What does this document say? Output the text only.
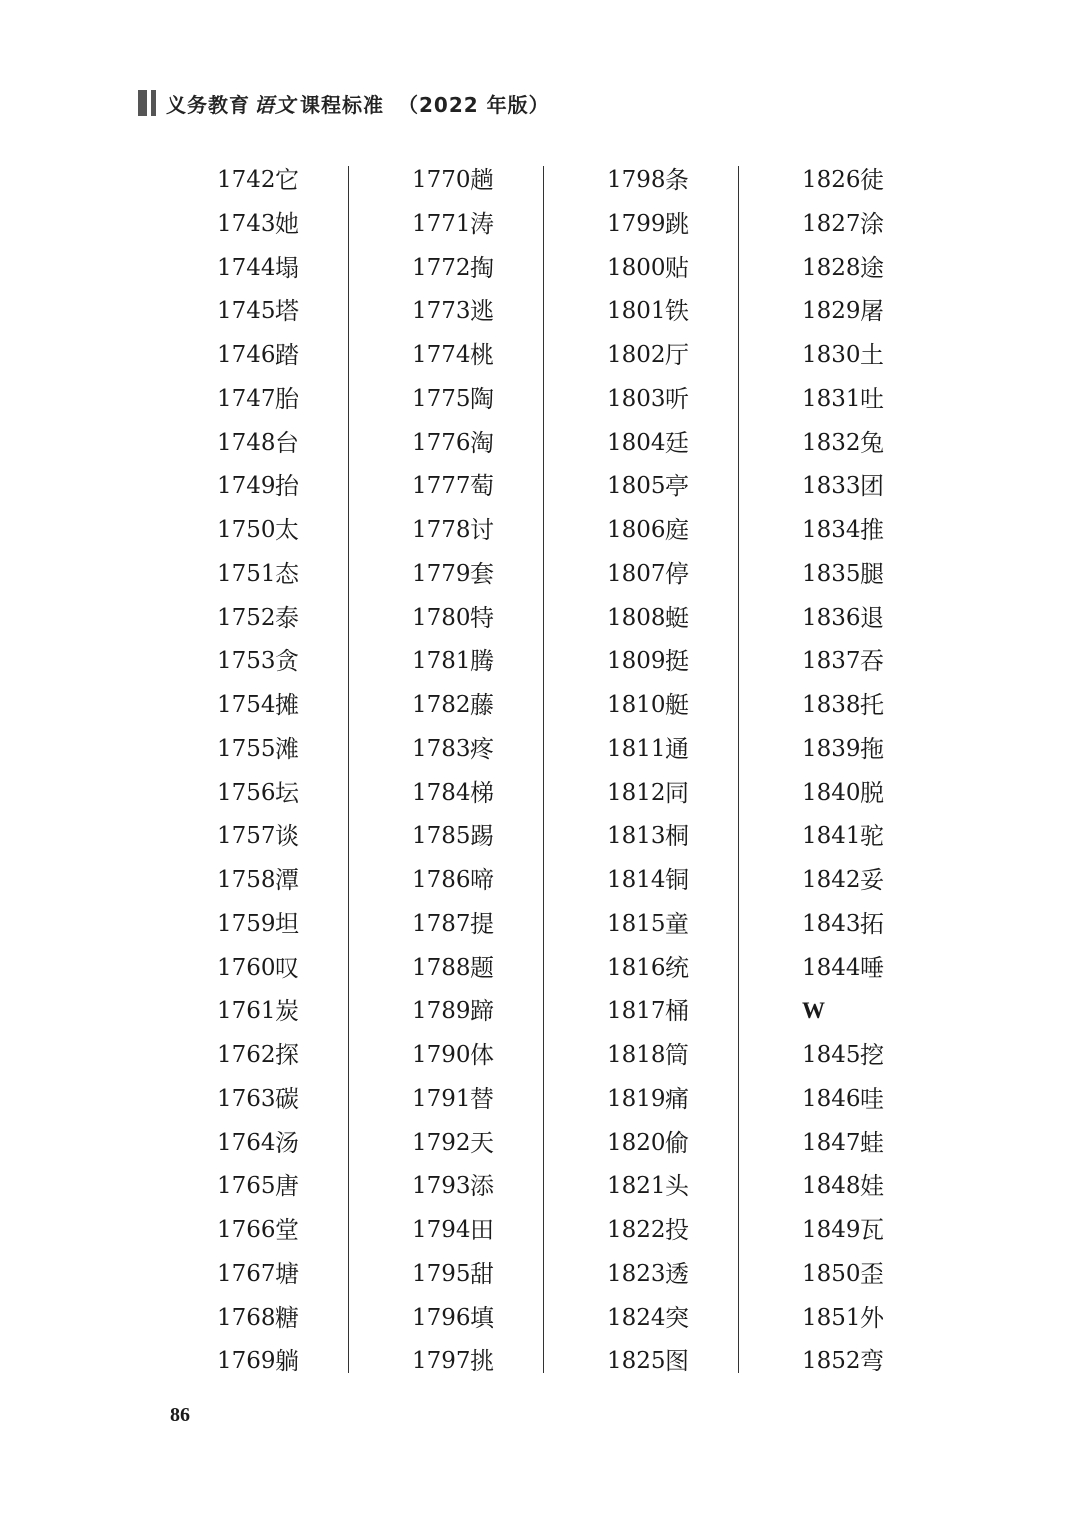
义务教育 语文 课程标准 （2022 年版）
1742 它
1743 她
1744 塌
1745 塔
1746 踏
1747 胎
1748 台
1749 抬
1750 太
1751 态
1752 泰
1753 贪
1754 摊
1755 滩
1756 坛
1757 谈
1758 潭
1759 坦
1760 叹
1761 炭
1762 探
1763 碳
1764 汤
1765 唐
1766 堂
1767 塘
1768 糖
1769 躺
1770 趟
1771 涛
1772 掏
1773 逃
1774 桃
1775 陶
1776 淘
1777 萄
1778 讨
1779 套
1780 特
1781 腾
1782 藤
1783 疼
1784 梯
1785 踢
1786 啼
1787 提
1788 题
1789 蹄
1790 体
1791 替
1792 天
1793 添
1794 田
1795 甜
1796 填
1797 挑
1798 条
1799 跳
1800 贴
1801 铁
1802 厅
1803 听
1804 廷
1805 亭
1806 庭
1807 停
1808 蜓
1809 挺
1810 艇
1811 通
1812 同
1813 桐
1814 铜
1815 童
1816 统
1817 桶
1818 筒
1819 痛
1820 偷
1821 头
1822 投
1823 透
1824 突
1825 图
1826 徒
1827 涂
1828 途
1829 屠
1830 土
1831 吐
1832 兔
1833 团
1834 推
1835 腿
1836 退
1837 吞
1838 托
1839 拖
1840 脱
1841 驼
1842 妥
1843 拓
1844 唾
W
1845 挖
1846 哇
1847 蛙
1848 娃
1849 瓦
1850 歪
1851 外
1852 弯
86
